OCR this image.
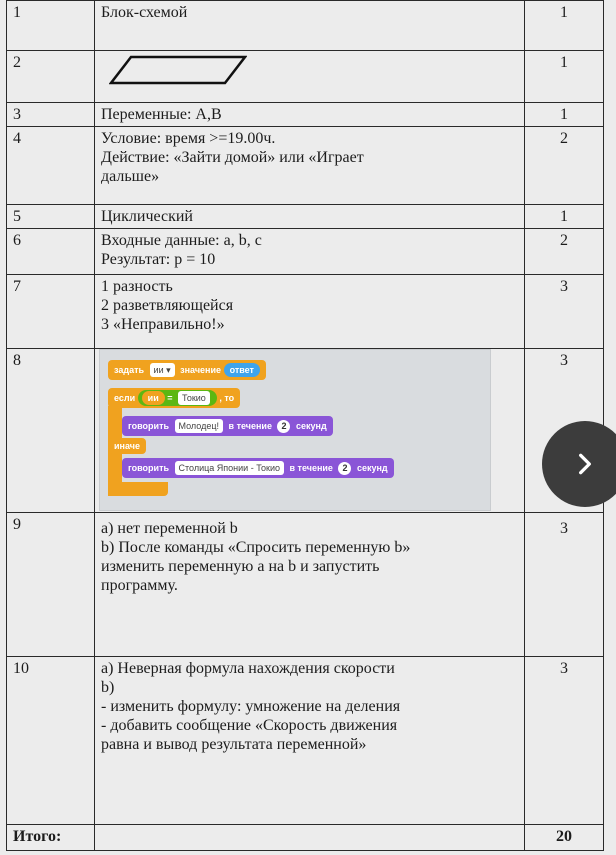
1	Блок-схемой	1
2		1
3	Переменные: А,В	1
4	Условие: время >=19.00ч.
Действие: «Зайти домой» или «Играет
дальше»	2
5	Циклический	1
6	Входные данные: a, b, c
Результат: p = 10	2
7	1 разность
2 разветвляющейся
3 «Неправильно!»	3
8	задать ии ▾ значение ответ
если ии = Токио , то
говорить Молодец! в течение 2 секунд
иначе
говорить Столица Японии - Токио в течение 2 секунд	3
9	а) нет переменной b
b) После команды «Спросить переменную b»
изменить переменную a на b и запустить
программу.	3
10	а) Неверная формула нахождения скорости
b)
- изменить формулу: умножение на деления
- добавить сообщение «Скорость движения
равна и вывод результата переменной»	3
Итого:		20
